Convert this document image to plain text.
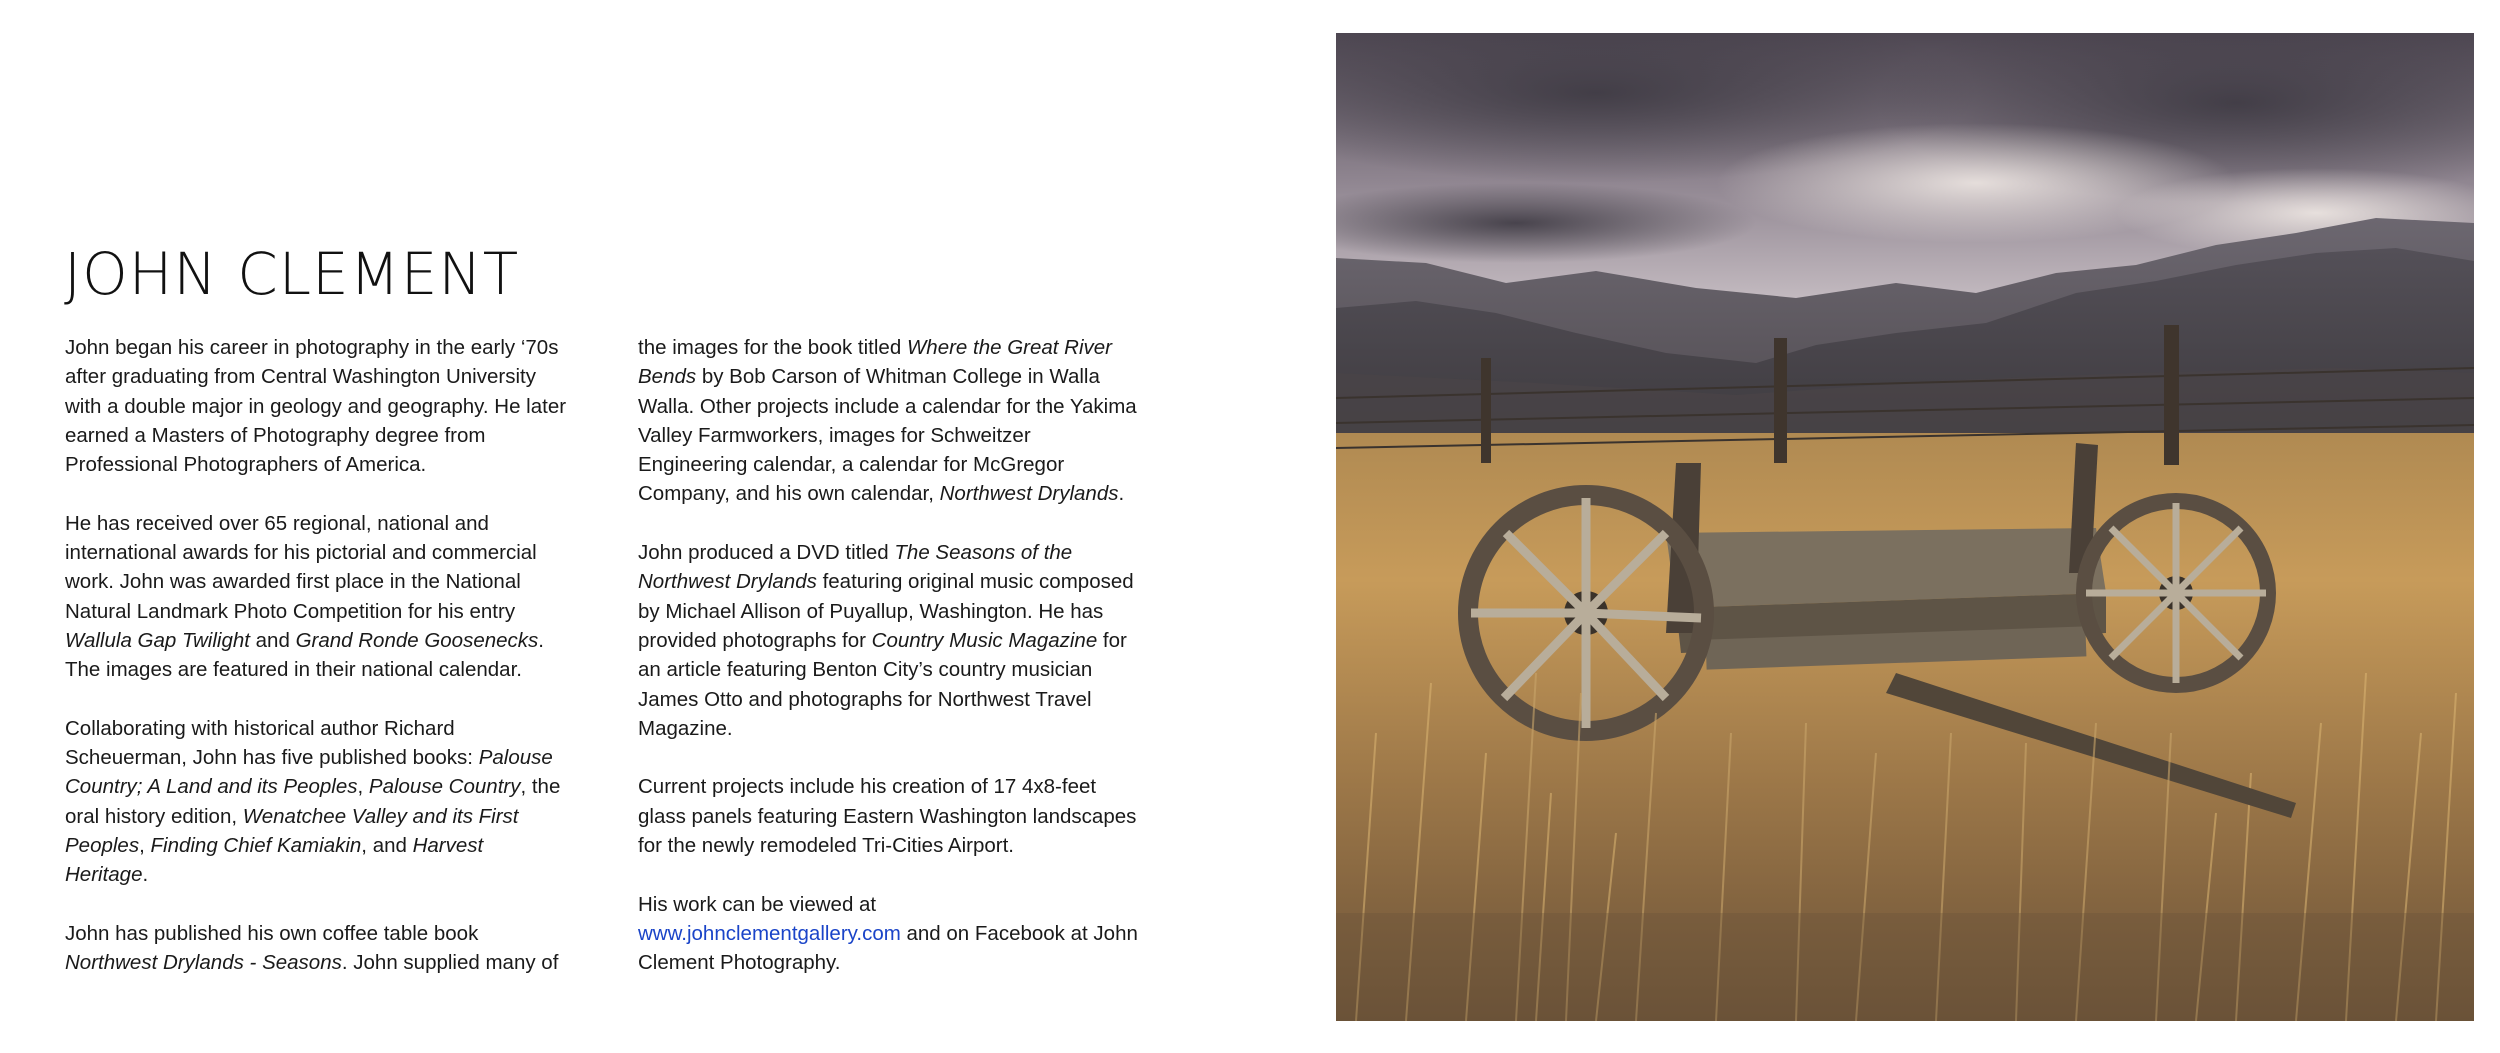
JOHN CLEMENT

John began his career in photography in the early ‘70s after graduating from Central Washington University with a double major in geology and geography. He later earned a Masters of Photography degree from Professional Photographers of America.

He has received over 65 regional, national and international awards for his pictorial and commercial work. John was awarded first place in the National Natural Landmark Photo Competition for his entry Wallula Gap Twilight and Grand Ronde Goosenecks. The images are featured in their national calendar.

Collaborating with historical author Richard Scheuerman, John has five published books: Palouse Country; A Land and its Peoples, Palouse Country, the oral history edition, Wenatchee Valley and its First Peoples, Finding Chief Kamiakin, and Harvest Heritage.

John has published his own coffee table book Northwest Drylands - Seasons. John supplied many of

the images for the book titled Where the Great River Bends by Bob Carson of Whitman College in Walla Walla. Other projects include a calendar for the Yakima Valley Farmworkers, images for Schweitzer Engineering calendar, a calendar for McGregor Company, and his own calendar, Northwest Drylands.

John produced a DVD titled The Seasons of the Northwest Drylands featuring original music composed by Michael Allison of Puyallup, Washington. He has provided photographs for Country Music Magazine for an article featuring Benton City’s country musician James Otto and photographs for Northwest Travel Magazine.

Current projects include his creation of 17 4x8-feet glass panels featuring Eastern Washington landscapes for the newly remodeled Tri-Cities Airport.

His work can be viewed at www.johnclementgallery.com and on Facebook at John Clement Photography.
